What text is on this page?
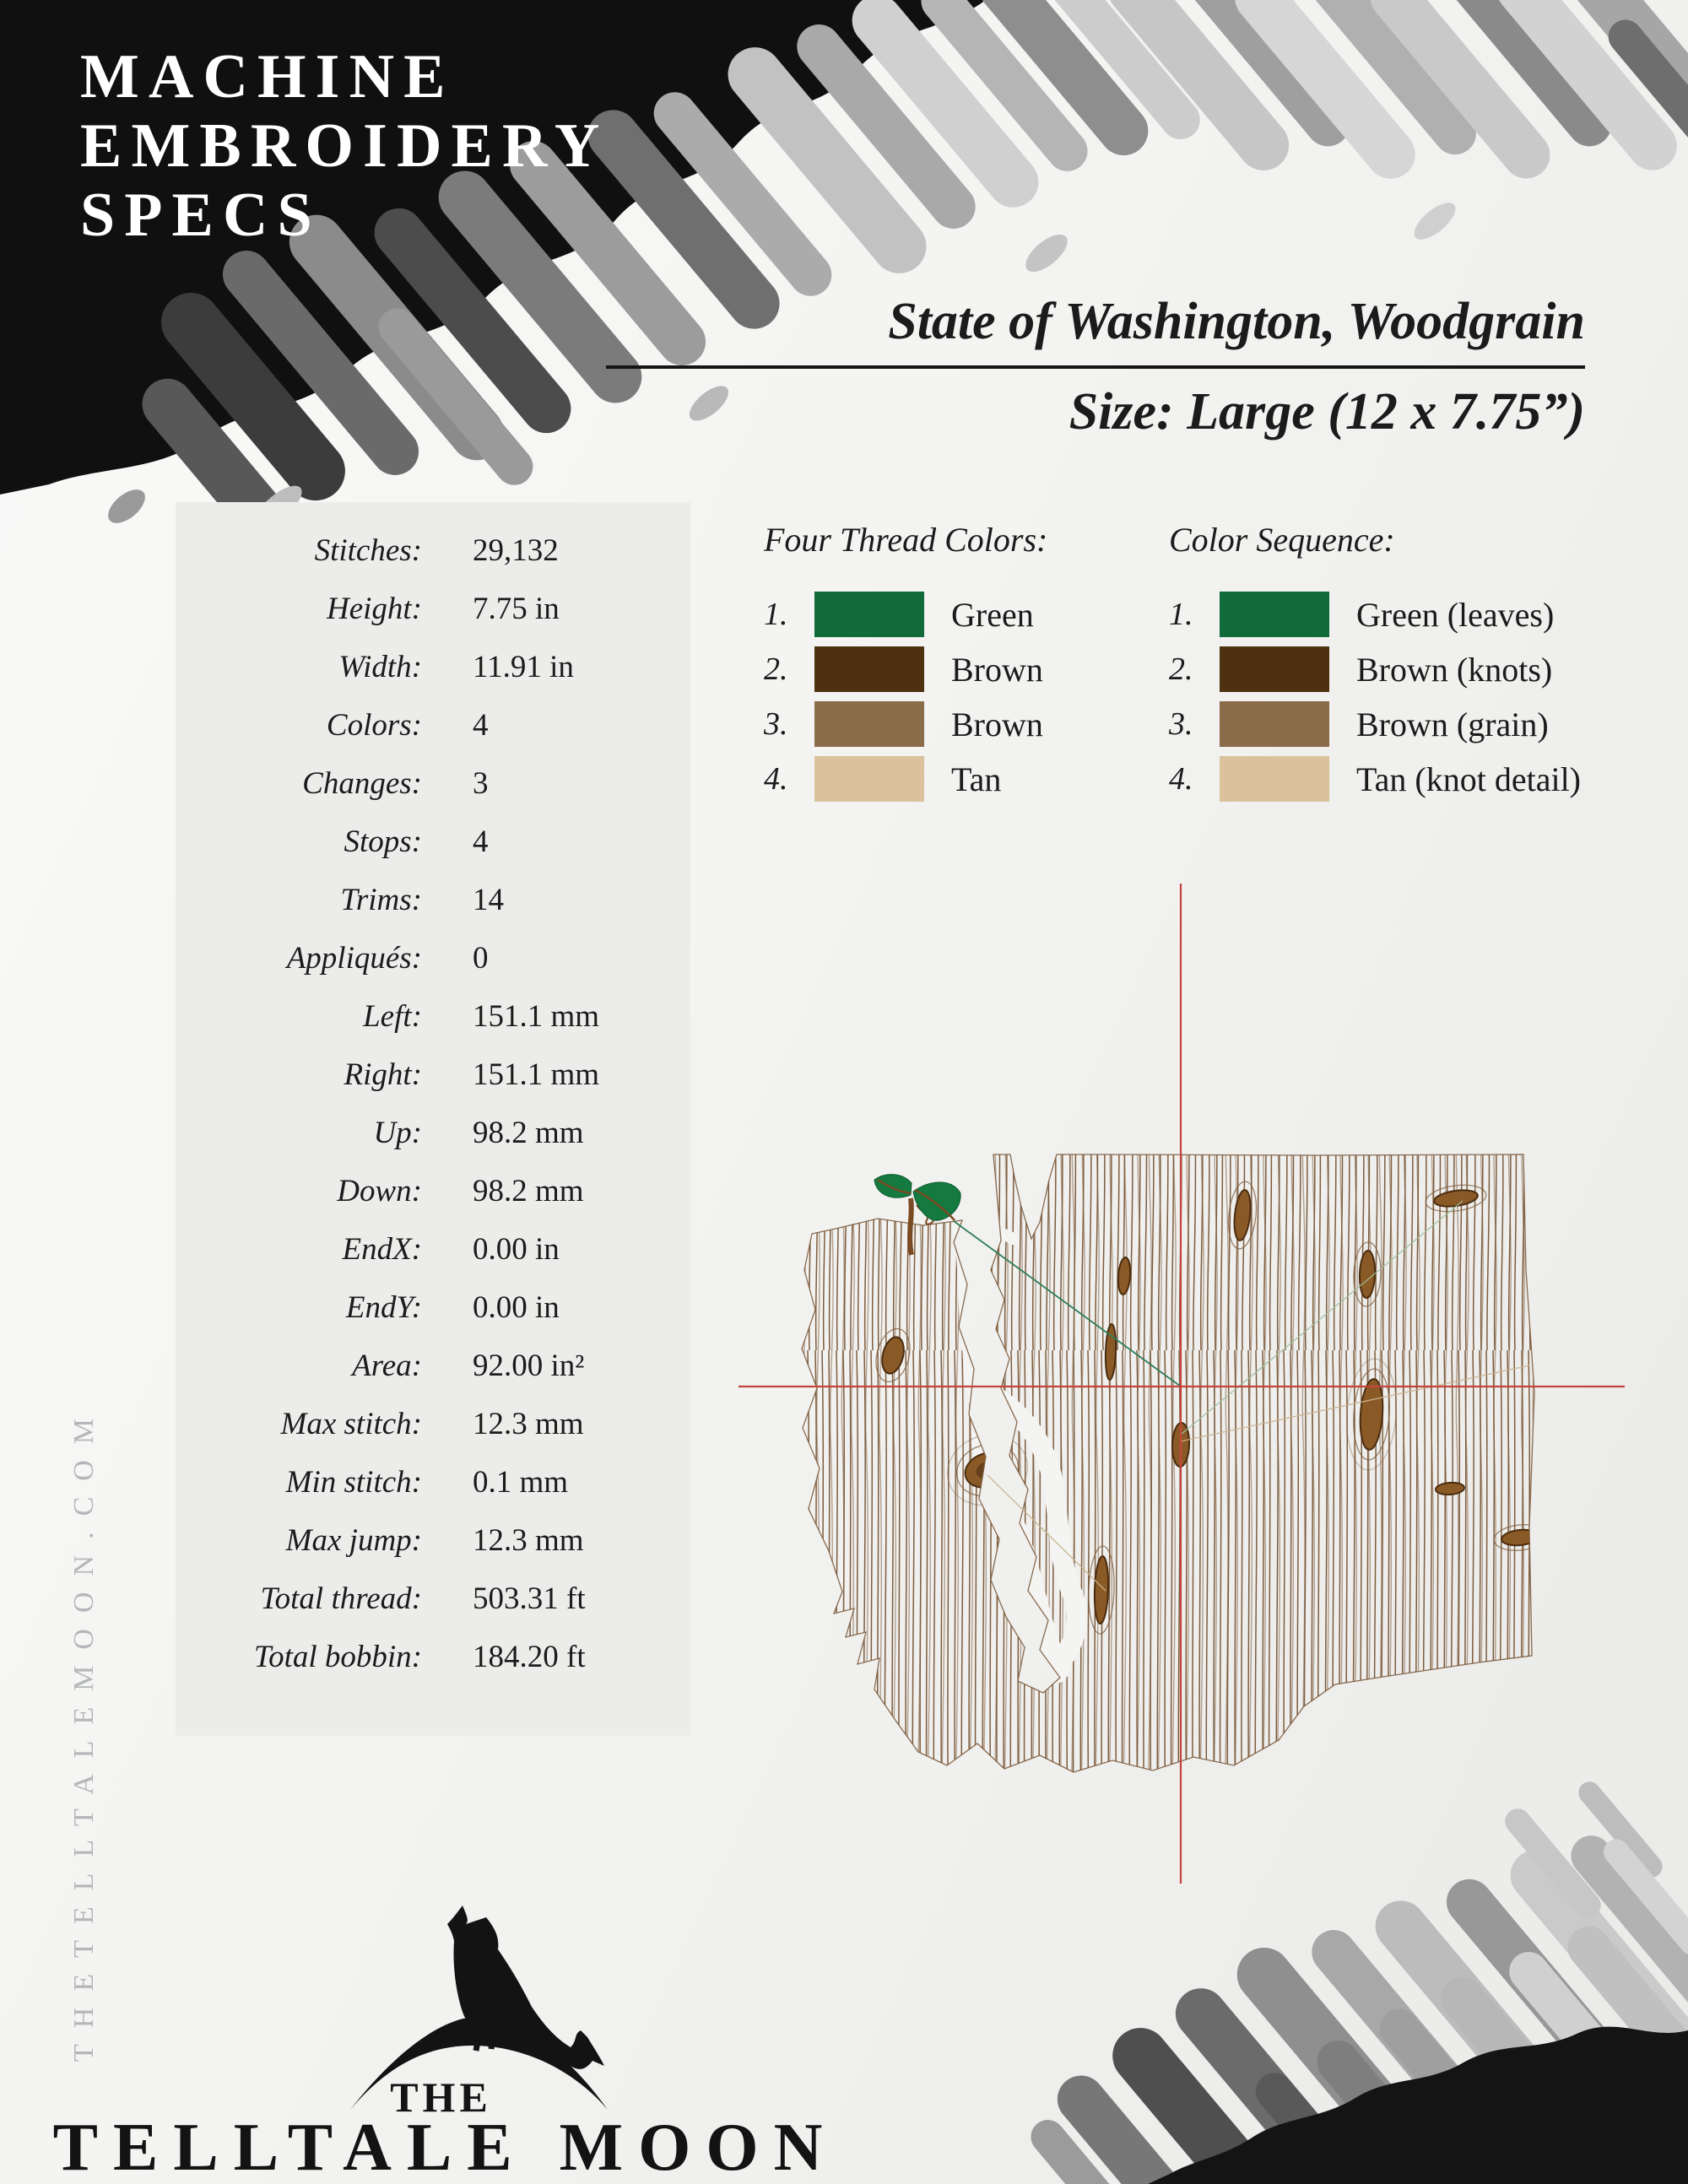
MACHINE
EMBROIDERY
SPECS
State of Washington, Woodgrain
Size: Large (12 x 7.75”)
Stitches: 29,132
Height: 7.75 in
Width: 11.91 in
Colors: 4
Changes: 3
Stops: 4
Trims: 14
Appliqués: 0
Left: 151.1 mm
Right: 151.1 mm
Up: 98.2 mm
Down: 98.2 mm
EndX: 0.00 in
EndY: 0.00 in
Area: 92.00 in²
Max stitch: 12.3 mm
Min stitch: 0.1 mm
Max jump: 12.3 mm
Total thread: 503.31 ft
Total bobbin: 184.20 ft
Four Thread Colors:
1.	Green
2.	Brown
3.	Brown
4.	Tan
Color Sequence:
1.	Green (leaves)
2.	Brown (knots)
3.	Brown (grain)
4.	Tan (knot detail)
THETELLTALEMOON.COM
THE
TELLTALE MOON
